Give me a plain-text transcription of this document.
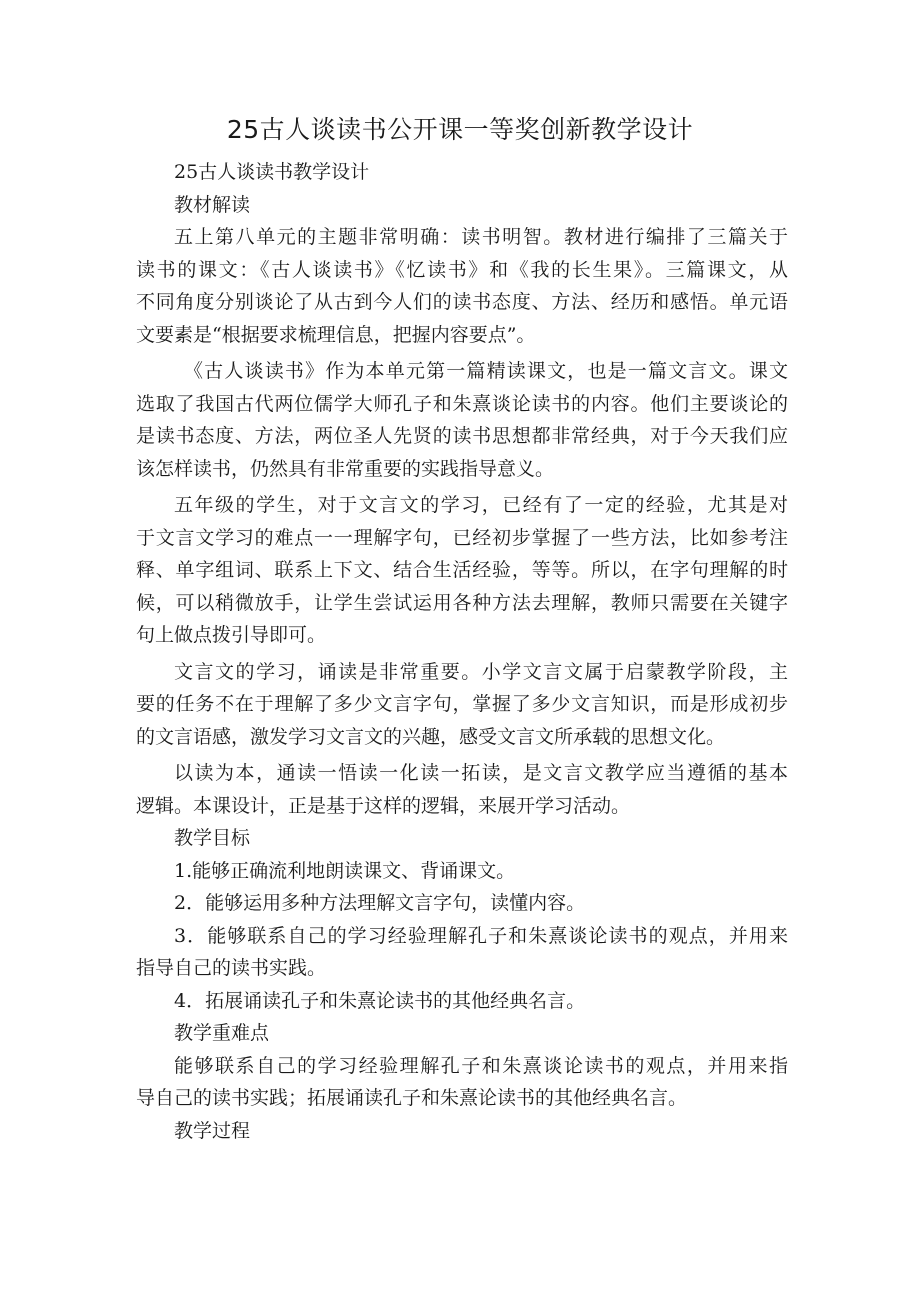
25古人谈读书公开课一等奖创新教学设计
25古人谈读书教学设计
教材解读
五上第八单元的主题非常明确：读书明智。教材进行编排了三篇关于
读书的课文：《古人谈读书》《忆读书》和《我的长生果》。三篇课文，从
不同角度分别谈论了从古到今人们的读书态度、方法、经历和感悟。单元语
文要素是“根据要求梳理信息，把握内容要点”。
《古人谈读书》作为本单元第一篇精读课文，也是一篇文言文。课文
选取了我国古代两位儒学大师孔子和朱熹谈论读书的内容。他们主要谈论的
是读书态度、方法，两位圣人先贤的读书思想都非常经典，对于今天我们应
该怎样读书，仍然具有非常重要的实践指导意义。
五年级的学生，对于文言文的学习，已经有了一定的经验，尤其是对
于文言文学习的难点一一理解字句，已经初步掌握了一些方法，比如参考注
释、单字组词、联系上下文、结合生活经验，等等。所以，在字句理解的时
候，可以稍微放手，让学生尝试运用各种方法去理解，教师只需要在关键字
句上做点拨引导即可。
文言文的学习，诵读是非常重要。小学文言文属于启蒙教学阶段，主
要的任务不在于理解了多少文言字句，掌握了多少文言知识，而是形成初步
的文言语感，激发学习文言文的兴趣，感受文言文所承载的思想文化。
以读为本，通读一悟读一化读一拓读，是文言文教学应当遵循的基本
逻辑。本课设计，正是基于这样的逻辑，来展开学习活动。
教学目标
1.能够正确流利地朗读课文、背诵课文。
2．能够运用多种方法理解文言字句，读懂内容。
3．能够联系自己的学习经验理解孔子和朱熹谈论读书的观点，并用来
指导自己的读书实践。
4．拓展诵读孔子和朱熹论读书的其他经典名言。
教学重难点
能够联系自己的学习经验理解孔子和朱熹谈论读书的观点，并用来指
导自己的读书实践；拓展诵读孔子和朱熹论读书的其他经典名言。
教学过程
